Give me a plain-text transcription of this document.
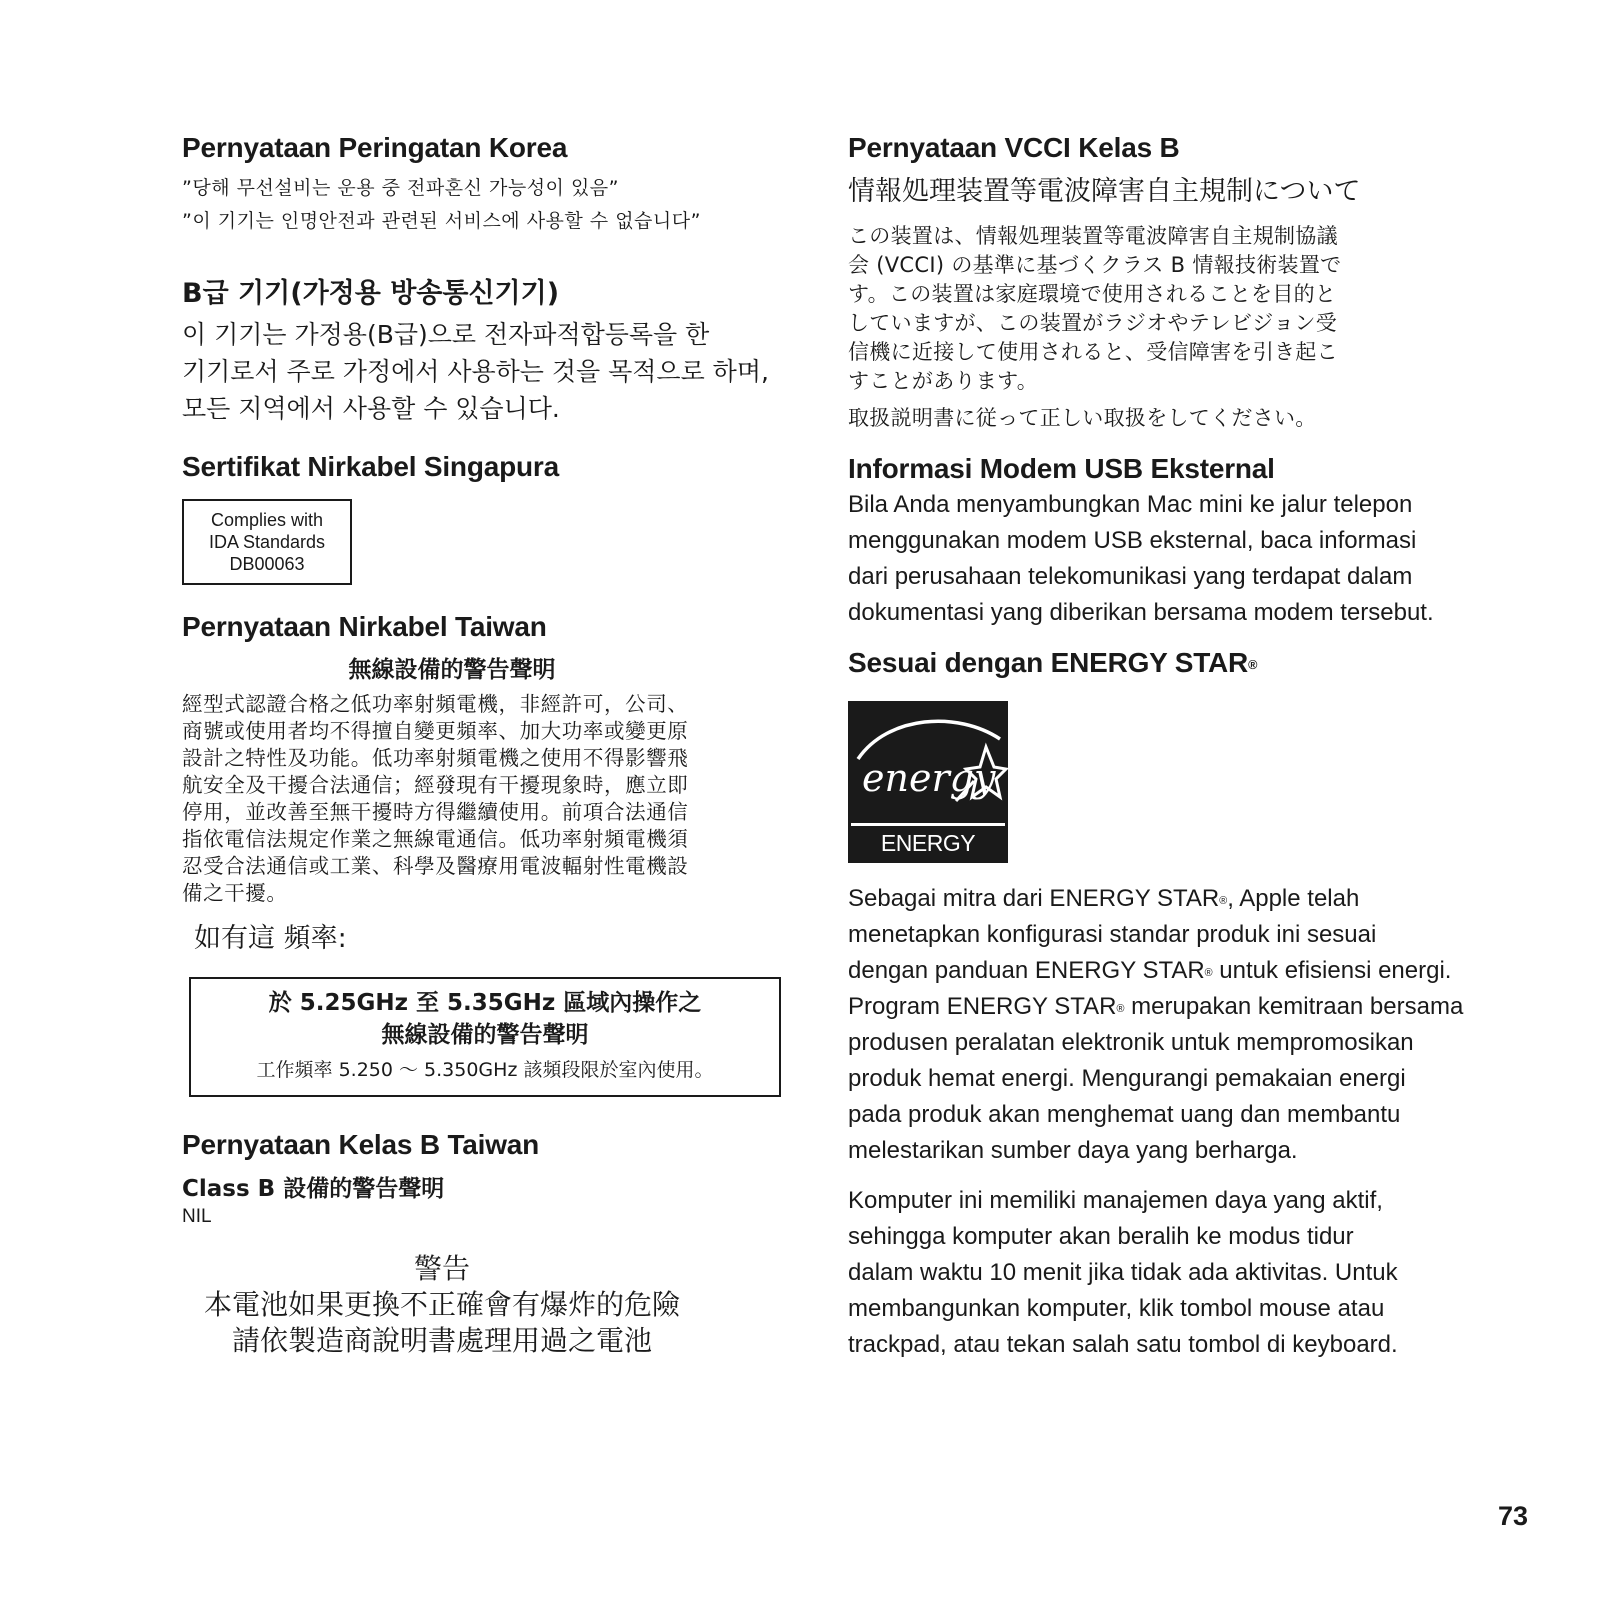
Pernyataan Peringatan Korea

”당해 무선설비는 운용 중 전파혼신 가능성이 있음”

”이 기기는 인명안전과 관련된 서비스에 사용할 수 없습니다”

B급 기기(가정용 방송통신기기)

이 기기는 가정용(B급)으로 전자파적합등록을 한

기기로서 주로 가정에서 사용하는 것을 목적으로 하며,

모든 지역에서 사용할 수 있습니다.

Sertifikat Nirkabel Singapura
Complies with
IDA Standards
DB00063
Pernyataan Nirkabel Taiwan

無線設備的警告聲明

經型式認證合格之低功率射頻電機，非經許可，公司、
商號或使用者均不得擅自變更頻率、加大功率或變更原
設計之特性及功能。低功率射頻電機之使用不得影響飛
航安全及干擾合法通信；經發現有干擾現象時，應立即
停用，並改善至無干擾時方得繼續使用。前項合法通信
指依電信法規定作業之無線電通信。低功率射頻電機須
忍受合法通信或工業、科學及醫療用電波輻射性電機設
備之干擾。

如有這 頻率:

於 5.25GHz 至 5.35GHz 區域內操作之
無線設備的警告聲明
工作頻率 5.250 ～ 5.350GHz 該頻段限於室內使用。
Pernyataan Kelas B Taiwan

Class B 設備的警告聲明

NIL

警告
本電池如果更換不正確會有爆炸的危險
請依製造商說明書處理用過之電池
Pernyataan VCCI Kelas B

情報処理装置等電波障害自主規制について

この装置は、情報処理装置等電波障害自主規制協議
会 (VCCI) の基準に基づくクラス B 情報技術装置で
す。この装置は家庭環境で使用されることを目的と
していますが、この装置がラジオやテレビジョン受
信機に近接して使用されると、受信障害を引き起こ
すことがあります。

取扱説明書に従って正しい取扱をしてください。

Informasi Modem USB Eksternal
Bila Anda menyambungkan Mac mini ke jalur telepon
menggunakan modem USB eksternal, baca informasi
dari perusahaan telekomunikasi yang terdapat dalam
dokumentasi yang diberikan bersama modem tersebut.
Sesuai dengan ENERGY STAR®
energy
ENERGY STAR
Sebagai mitra dari ENERGY STAR®, Apple telah
menetapkan konfigurasi standar produk ini sesuai
dengan panduan ENERGY STAR® untuk efisiensi energi.
Program ENERGY STAR® merupakan kemitraan bersama
produsen peralatan elektronik untuk mempromosikan
produk hemat energi. Mengurangi pemakaian energi
pada produk akan menghemat uang dan membantu
melestarikan sumber daya yang berharga.
Komputer ini memiliki manajemen daya yang aktif,
sehingga komputer akan beralih ke modus tidur
dalam waktu 10 menit jika tidak ada aktivitas. Untuk
membangunkan komputer, klik tombol mouse atau
trackpad, atau tekan salah satu tombol di keyboard.
73
